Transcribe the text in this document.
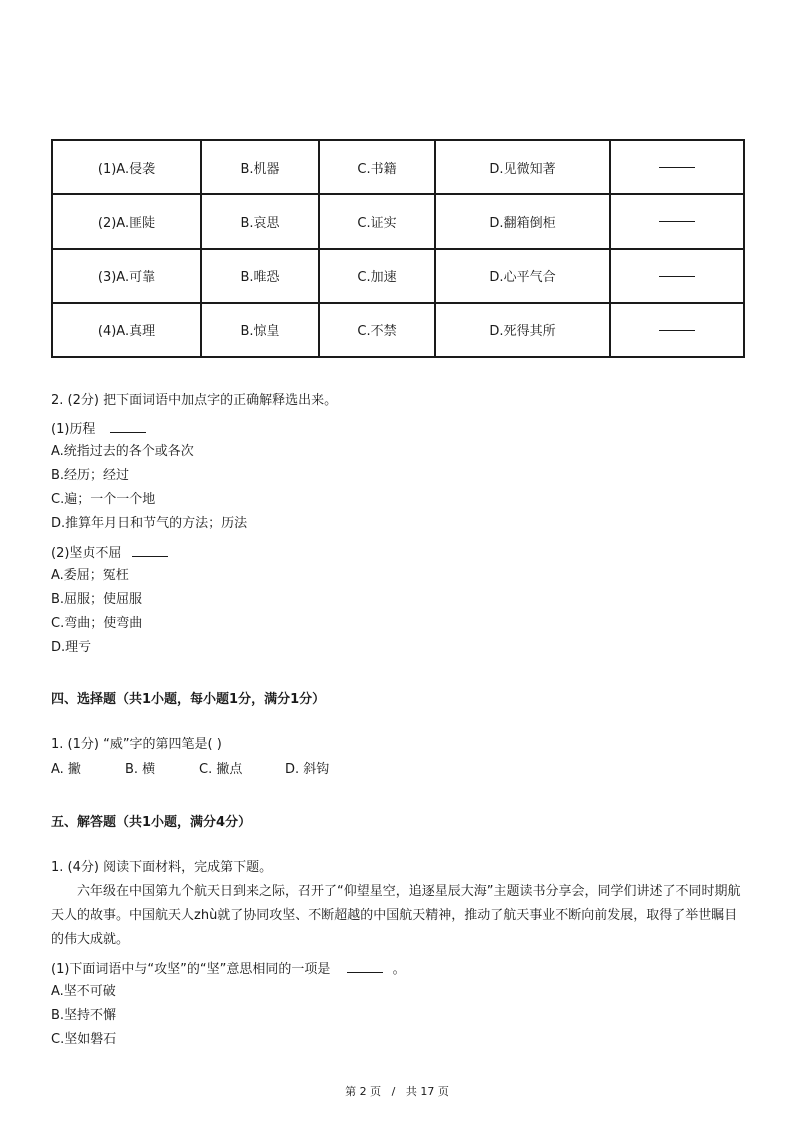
(1)A.侵袭	B.机器	C.书籍	D.见微知著	
(2)A.匪陡	B.哀思	C.证实	D.翻箱倒柜	
(3)A.可靠	B.唯恐	C.加速	D.心平气合	
(4)A.真理	B.惊皇	C.不禁	D.死得其所	
2. (2分) 把下面词语中加点字的正确解释选出来。
(1)历程
A.统指过去的各个或各次
B.经历；经过
C.遍；一个一个地
D.推算年月日和节气的方法；历法
(2)坚贞不屈
A.委屈；冤枉
B.屈服；使屈服
C.弯曲；使弯曲
D.理亏
四、选择题（共1小题，每小题1分，满分1分）
1. (1分) “威”字的第四笔是( )
A. 撇	B. 横	C. 撇点	D. 斜钩
五、解答题（共1小题，满分4分）
1. (4分) 阅读下面材料，完成第下题。
六年级在中国第九个航天日到来之际，召开了“仰望星空，追逐星辰大海”主题读书分享会，同学们讲述了不同时期航天人的故事。中国航天人zhù就了协同攻坚、不断超越的中国航天精神，推动了航天事业不断向前发展，取得了举世瞩目的伟大成就。
(1)下面词语中与“攻坚”的“坚”意思相同的一项是	。
A.坚不可破
B.坚持不懈
C.坚如磐石
第 2 页   /   共 17 页
